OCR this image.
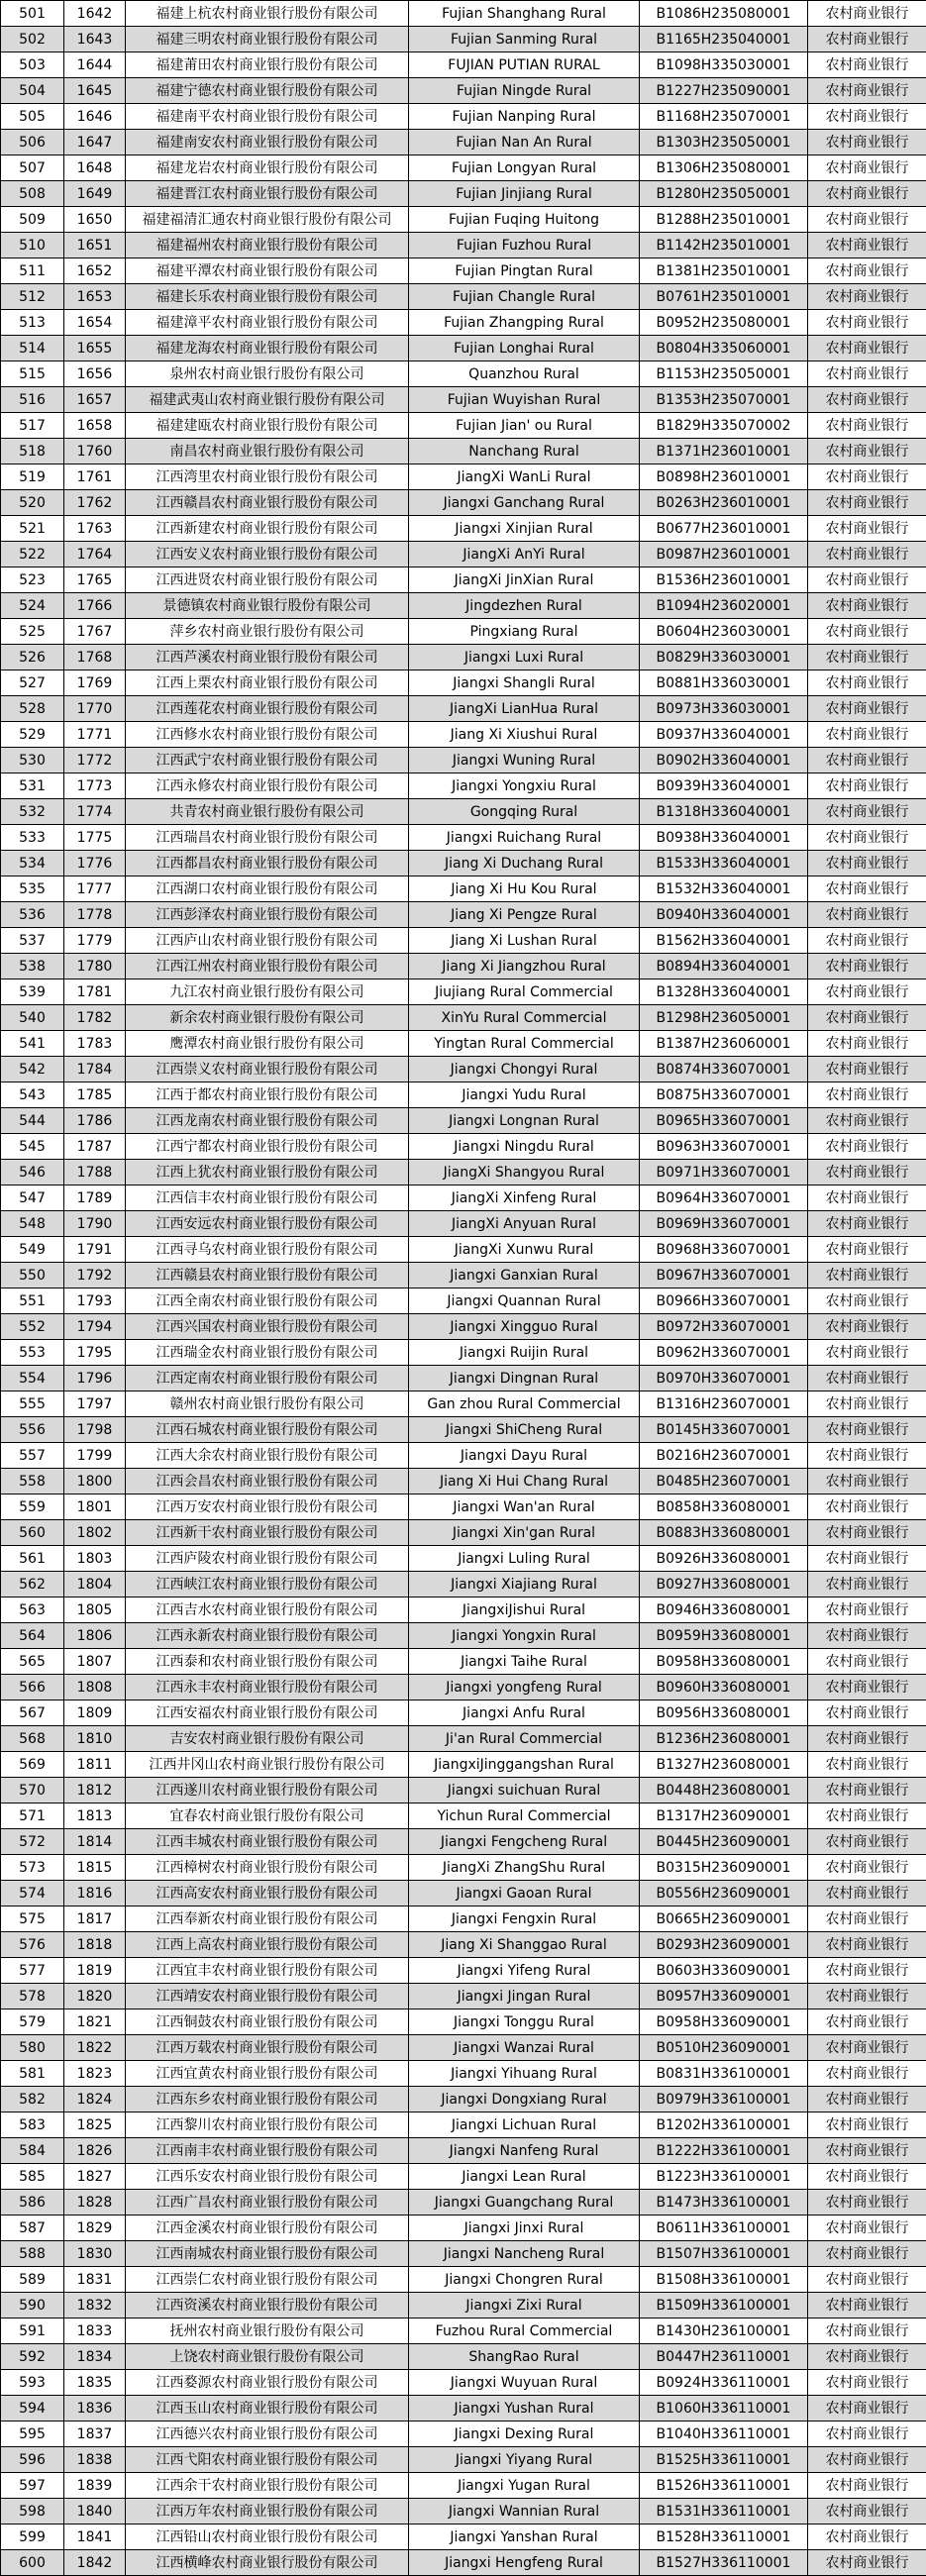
501	1642	福建上杭农村商业银行股份有限公司	Fujian Shanghang Rural	B1086H235080001	农村商业银行
502	1643	福建三明农村商业银行股份有限公司	Fujian Sanming Rural	B1165H235040001	农村商业银行
503	1644	福建莆田农村商业银行股份有限公司	FUJIAN PUTIAN RURAL	B1098H335030001	农村商业银行
504	1645	福建宁德农村商业银行股份有限公司	Fujian Ningde Rural	B1227H235090001	农村商业银行
505	1646	福建南平农村商业银行股份有限公司	Fujian Nanping Rural	B1168H235070001	农村商业银行
506	1647	福建南安农村商业银行股份有限公司	Fujian Nan An Rural	B1303H235050001	农村商业银行
507	1648	福建龙岩农村商业银行股份有限公司	Fujian Longyan Rural	B1306H235080001	农村商业银行
508	1649	福建晋江农村商业银行股份有限公司	Fujian Jinjiang Rural	B1280H235050001	农村商业银行
509	1650	福建福清汇通农村商业银行股份有限公司	Fujian Fuqing Huitong	B1288H235010001	农村商业银行
510	1651	福建福州农村商业银行股份有限公司	Fujian Fuzhou Rural	B1142H235010001	农村商业银行
511	1652	福建平潭农村商业银行股份有限公司	Fujian Pingtan Rural	B1381H235010001	农村商业银行
512	1653	福建长乐农村商业银行股份有限公司	Fujian Changle Rural	B0761H235010001	农村商业银行
513	1654	福建漳平农村商业银行股份有限公司	Fujian Zhangping Rural	B0952H235080001	农村商业银行
514	1655	福建龙海农村商业银行股份有限公司	Fujian Longhai Rural	B0804H335060001	农村商业银行
515	1656	泉州农村商业银行股份有限公司	Quanzhou Rural	B1153H235050001	农村商业银行
516	1657	福建武夷山农村商业银行股份有限公司	Fujian Wuyishan Rural	B1353H235070001	农村商业银行
517	1658	福建建瓯农村商业银行股份有限公司	Fujian Jian' ou Rural	B1829H335070002	农村商业银行
518	1760	南昌农村商业银行股份有限公司	Nanchang Rural	B1371H236010001	农村商业银行
519	1761	江西湾里农村商业银行股份有限公司	JiangXi WanLi Rural	B0898H236010001	农村商业银行
520	1762	江西赣昌农村商业银行股份有限公司	Jiangxi Ganchang Rural	B0263H236010001	农村商业银行
521	1763	江西新建农村商业银行股份有限公司	Jiangxi Xinjian Rural	B0677H236010001	农村商业银行
522	1764	江西安义农村商业银行股份有限公司	JiangXi AnYi Rural	B0987H236010001	农村商业银行
523	1765	江西进贤农村商业银行股份有限公司	JiangXi JinXian Rural	B1536H236010001	农村商业银行
524	1766	景德镇农村商业银行股份有限公司	Jingdezhen Rural	B1094H236020001	农村商业银行
525	1767	萍乡农村商业银行股份有限公司	Pingxiang Rural	B0604H236030001	农村商业银行
526	1768	江西芦溪农村商业银行股份有限公司	Jiangxi Luxi Rural	B0829H336030001	农村商业银行
527	1769	江西上栗农村商业银行股份有限公司	Jiangxi Shangli Rural	B0881H336030001	农村商业银行
528	1770	江西莲花农村商业银行股份有限公司	JiangXi LianHua Rural	B0973H336030001	农村商业银行
529	1771	江西修水农村商业银行股份有限公司	Jiang Xi Xiushui Rural	B0937H336040001	农村商业银行
530	1772	江西武宁农村商业银行股份有限公司	Jiangxi Wuning Rural	B0902H336040001	农村商业银行
531	1773	江西永修农村商业银行股份有限公司	Jiangxi Yongxiu Rural	B0939H336040001	农村商业银行
532	1774	共青农村商业银行股份有限公司	Gongqing Rural	B1318H336040001	农村商业银行
533	1775	江西瑞昌农村商业银行股份有限公司	Jiangxi Ruichang Rural	B0938H336040001	农村商业银行
534	1776	江西都昌农村商业银行股份有限公司	Jiang Xi Duchang Rural	B1533H336040001	农村商业银行
535	1777	江西湖口农村商业银行股份有限公司	Jiang Xi Hu Kou Rural	B1532H336040001	农村商业银行
536	1778	江西彭泽农村商业银行股份有限公司	Jiang Xi Pengze Rural	B0940H336040001	农村商业银行
537	1779	江西庐山农村商业银行股份有限公司	Jiang Xi Lushan Rural	B1562H336040001	农村商业银行
538	1780	江西江州农村商业银行股份有限公司	Jiang Xi Jiangzhou Rural	B0894H336040001	农村商业银行
539	1781	九江农村商业银行股份有限公司	Jiujiang Rural Commercial	B1328H336040001	农村商业银行
540	1782	新余农村商业银行股份有限公司	XinYu Rural Commercial	B1298H236050001	农村商业银行
541	1783	鹰潭农村商业银行股份有限公司	Yingtan Rural Commercial	B1387H236060001	农村商业银行
542	1784	江西崇义农村商业银行股份有限公司	Jiangxi Chongyi Rural	B0874H336070001	农村商业银行
543	1785	江西于都农村商业银行股份有限公司	Jiangxi Yudu Rural	B0875H336070001	农村商业银行
544	1786	江西龙南农村商业银行股份有限公司	Jiangxi Longnan Rural	B0965H336070001	农村商业银行
545	1787	江西宁都农村商业银行股份有限公司	Jiangxi Ningdu Rural	B0963H336070001	农村商业银行
546	1788	江西上犹农村商业银行股份有限公司	JiangXi Shangyou Rural	B0971H336070001	农村商业银行
547	1789	江西信丰农村商业银行股份有限公司	JiangXi Xinfeng Rural	B0964H336070001	农村商业银行
548	1790	江西安远农村商业银行股份有限公司	JiangXi Anyuan Rural	B0969H336070001	农村商业银行
549	1791	江西寻乌农村商业银行股份有限公司	JiangXi Xunwu Rural	B0968H336070001	农村商业银行
550	1792	江西赣县农村商业银行股份有限公司	Jiangxi Ganxian Rural	B0967H336070001	农村商业银行
551	1793	江西全南农村商业银行股份有限公司	Jiangxi Quannan Rural	B0966H336070001	农村商业银行
552	1794	江西兴国农村商业银行股份有限公司	Jiangxi Xingguo Rural	B0972H336070001	农村商业银行
553	1795	江西瑞金农村商业银行股份有限公司	Jiangxi Ruijin Rural	B0962H336070001	农村商业银行
554	1796	江西定南农村商业银行股份有限公司	Jiangxi Dingnan Rural	B0970H336070001	农村商业银行
555	1797	赣州农村商业银行股份有限公司	Gan zhou Rural Commercial	B1316H236070001	农村商业银行
556	1798	江西石城农村商业银行股份有限公司	Jiangxi ShiCheng Rural	B0145H336070001	农村商业银行
557	1799	江西大余农村商业银行股份有限公司	Jiangxi Dayu Rural	B0216H236070001	农村商业银行
558	1800	江西会昌农村商业银行股份有限公司	Jiang Xi Hui Chang Rural	B0485H236070001	农村商业银行
559	1801	江西万安农村商业银行股份有限公司	Jiangxi Wan'an Rural	B0858H336080001	农村商业银行
560	1802	江西新干农村商业银行股份有限公司	Jiangxi Xin'gan Rural	B0883H336080001	农村商业银行
561	1803	江西庐陵农村商业银行股份有限公司	Jiangxi Luling Rural	B0926H336080001	农村商业银行
562	1804	江西峡江农村商业银行股份有限公司	Jiangxi Xiajiang Rural	B0927H336080001	农村商业银行
563	1805	江西吉水农村商业银行股份有限公司	JiangxiJishui Rural	B0946H336080001	农村商业银行
564	1806	江西永新农村商业银行股份有限公司	Jiangxi Yongxin Rural	B0959H336080001	农村商业银行
565	1807	江西泰和农村商业银行股份有限公司	Jiangxi Taihe Rural	B0958H336080001	农村商业银行
566	1808	江西永丰农村商业银行股份有限公司	Jiangxi yongfeng Rural	B0960H336080001	农村商业银行
567	1809	江西安福农村商业银行股份有限公司	Jiangxi Anfu Rural	B0956H336080001	农村商业银行
568	1810	吉安农村商业银行股份有限公司	Ji'an Rural Commercial	B1236H236080001	农村商业银行
569	1811	江西井冈山农村商业银行股份有限公司	JiangxiJinggangshan Rural	B1327H236080001	农村商业银行
570	1812	江西遂川农村商业银行股份有限公司	Jiangxi suichuan Rural	B0448H236080001	农村商业银行
571	1813	宜春农村商业银行股份有限公司	Yichun Rural Commercial	B1317H236090001	农村商业银行
572	1814	江西丰城农村商业银行股份有限公司	Jiangxi Fengcheng Rural	B0445H236090001	农村商业银行
573	1815	江西樟树农村商业银行股份有限公司	JiangXi ZhangShu Rural	B0315H236090001	农村商业银行
574	1816	江西高安农村商业银行股份有限公司	Jiangxi Gaoan Rural	B0556H236090001	农村商业银行
575	1817	江西奉新农村商业银行股份有限公司	Jiangxi Fengxin Rural	B0665H236090001	农村商业银行
576	1818	江西上高农村商业银行股份有限公司	Jiang Xi Shanggao Rural	B0293H236090001	农村商业银行
577	1819	江西宜丰农村商业银行股份有限公司	Jiangxi Yifeng Rural	B0603H336090001	农村商业银行
578	1820	江西靖安农村商业银行股份有限公司	Jiangxi Jingan Rural	B0957H336090001	农村商业银行
579	1821	江西铜鼓农村商业银行股份有限公司	Jiangxi Tonggu Rural	B0958H336090001	农村商业银行
580	1822	江西万载农村商业银行股份有限公司	Jiangxi Wanzai Rural	B0510H236090001	农村商业银行
581	1823	江西宜黄农村商业银行股份有限公司	Jiangxi Yihuang Rural	B0831H336100001	农村商业银行
582	1824	江西东乡农村商业银行股份有限公司	Jiangxi Dongxiang Rural	B0979H336100001	农村商业银行
583	1825	江西黎川农村商业银行股份有限公司	Jiangxi Lichuan Rural	B1202H336100001	农村商业银行
584	1826	江西南丰农村商业银行股份有限公司	Jiangxi Nanfeng Rural	B1222H336100001	农村商业银行
585	1827	江西乐安农村商业银行股份有限公司	Jiangxi Lean Rural	B1223H336100001	农村商业银行
586	1828	江西广昌农村商业银行股份有限公司	Jiangxi Guangchang Rural	B1473H336100001	农村商业银行
587	1829	江西金溪农村商业银行股份有限公司	Jiangxi Jinxi Rural	B0611H336100001	农村商业银行
588	1830	江西南城农村商业银行股份有限公司	Jiangxi Nancheng Rural	B1507H336100001	农村商业银行
589	1831	江西崇仁农村商业银行股份有限公司	Jiangxi Chongren Rural	B1508H336100001	农村商业银行
590	1832	江西资溪农村商业银行股份有限公司	Jiangxi Zixi Rural	B1509H336100001	农村商业银行
591	1833	抚州农村商业银行股份有限公司	Fuzhou Rural Commercial	B1430H236100001	农村商业银行
592	1834	上饶农村商业银行股份有限公司	ShangRao Rural	B0447H236110001	农村商业银行
593	1835	江西婺源农村商业银行股份有限公司	Jiangxi Wuyuan Rural	B0924H336110001	农村商业银行
594	1836	江西玉山农村商业银行股份有限公司	Jiangxi Yushan Rural	B1060H336110001	农村商业银行
595	1837	江西德兴农村商业银行股份有限公司	Jiangxi Dexing Rural	B1040H336110001	农村商业银行
596	1838	江西弋阳农村商业银行股份有限公司	Jiangxi Yiyang Rural	B1525H336110001	农村商业银行
597	1839	江西余干农村商业银行股份有限公司	Jiangxi Yugan Rural	B1526H336110001	农村商业银行
598	1840	江西万年农村商业银行股份有限公司	Jiangxi Wannian Rural	B1531H336110001	农村商业银行
599	1841	江西铅山农村商业银行股份有限公司	Jiangxi Yanshan Rural	B1528H336110001	农村商业银行
600	1842	江西横峰农村商业银行股份有限公司	Jiangxi Hengfeng Rural	B1527H336110001	农村商业银行
